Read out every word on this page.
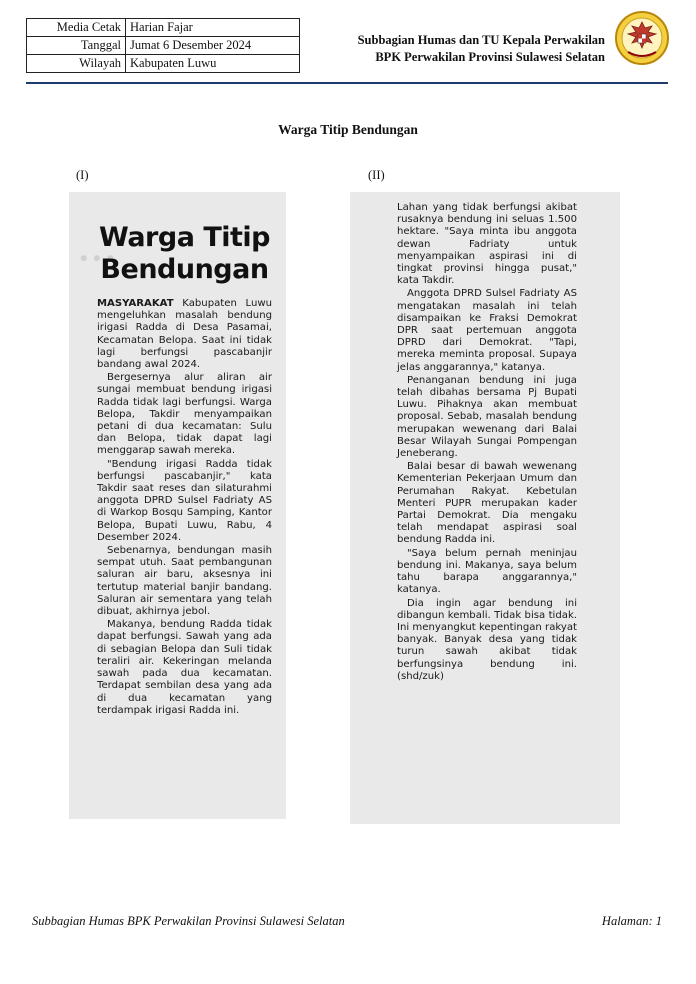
Media Cetak	Harian Fajar
Tanggal	Jumat 6 Desember 2024
Wilayah	Kabupaten Luwu
Subbagian Humas dan TU Kepala Perwakilan
BPK Perwakilan Provinsi Sulawesi Selatan
Warga Titip Bendungan
(I)	(II)
︙
Warga Titip Bendungan

MASYARAKAT Kabupaten Luwu mengeluhkan masalah bendung irigasi Radda di Desa Pasamai, Kecamatan Belopa. Saat ini tidak lagi berfungsi pascabanjir bandang awal 2024.

Bergesernya alur aliran air sungai membuat bendung irigasi Radda tidak lagi berfungsi. Warga Belopa, Takdir menyampaikan petani di dua kecamatan: Sulu dan Belopa, tidak dapat lagi menggarap sawah mereka.

"Bendung irigasi Radda tidak berfungsi pascabanjir," kata Takdir saat reses dan silaturahmi anggota DPRD Sulsel Fadriaty AS di Warkop Bosqu Samping, Kantor Belopa, Bupati Luwu, Rabu, 4 Desember 2024.

Sebenarnya, bendungan masih sempat utuh. Saat pembangunan saluran air baru, aksesnya ini tertutup material banjir bandang. Saluran air sementara yang telah dibuat, akhirnya jebol.

Makanya, bendung Radda tidak dapat berfungsi. Sawah yang ada di sebagian Belopa dan Suli tidak teraliri air. Kekeringan melanda sawah pada dua kecamatan. Terdapat sembilan desa yang ada di dua kecamatan yang terdampak irigasi Radda ini.

Lahan yang tidak berfungsi akibat rusaknya bendung ini seluas 1.500 hektare. "Saya minta ibu anggota dewan Fadriaty untuk menyampaikan aspirasi ini di tingkat provinsi hingga pusat," kata Takdir.

Anggota DPRD Sulsel Fadriaty AS mengatakan masalah ini telah disampaikan ke Fraksi Demokrat DPR saat pertemuan anggota DPRD dari Demokrat. "Tapi, mereka meminta proposal. Supaya jelas anggarannya," katanya.

Penanganan bendung ini juga telah dibahas bersama Pj Bupati Luwu. Pihaknya akan membuat proposal. Sebab, masalah bendung merupakan wewenang dari Balai Besar Wilayah Sungai Pompengan Jeneberang.

Balai besar di bawah wewenang Kementerian Pekerjaan Umum dan Perumahan Rakyat. Kebetulan Menteri PUPR merupakan kader Partai Demokrat. Dia mengaku telah mendapat aspirasi soal bendung Radda ini.

"Saya belum pernah meninjau bendung ini. Makanya, saya belum tahu barapa anggarannya," katanya.

Dia ingin agar bendung ini dibangun kembali. Tidak bisa tidak. Ini menyangkut kepentingan rakyat banyak. Banyak desa yang tidak turun sawah akibat tidak berfungsinya bendung ini. (shd/zuk)

Subbagian Humas BPK Perwakilan Provinsi Sulawesi Selatan	Halaman: 1
